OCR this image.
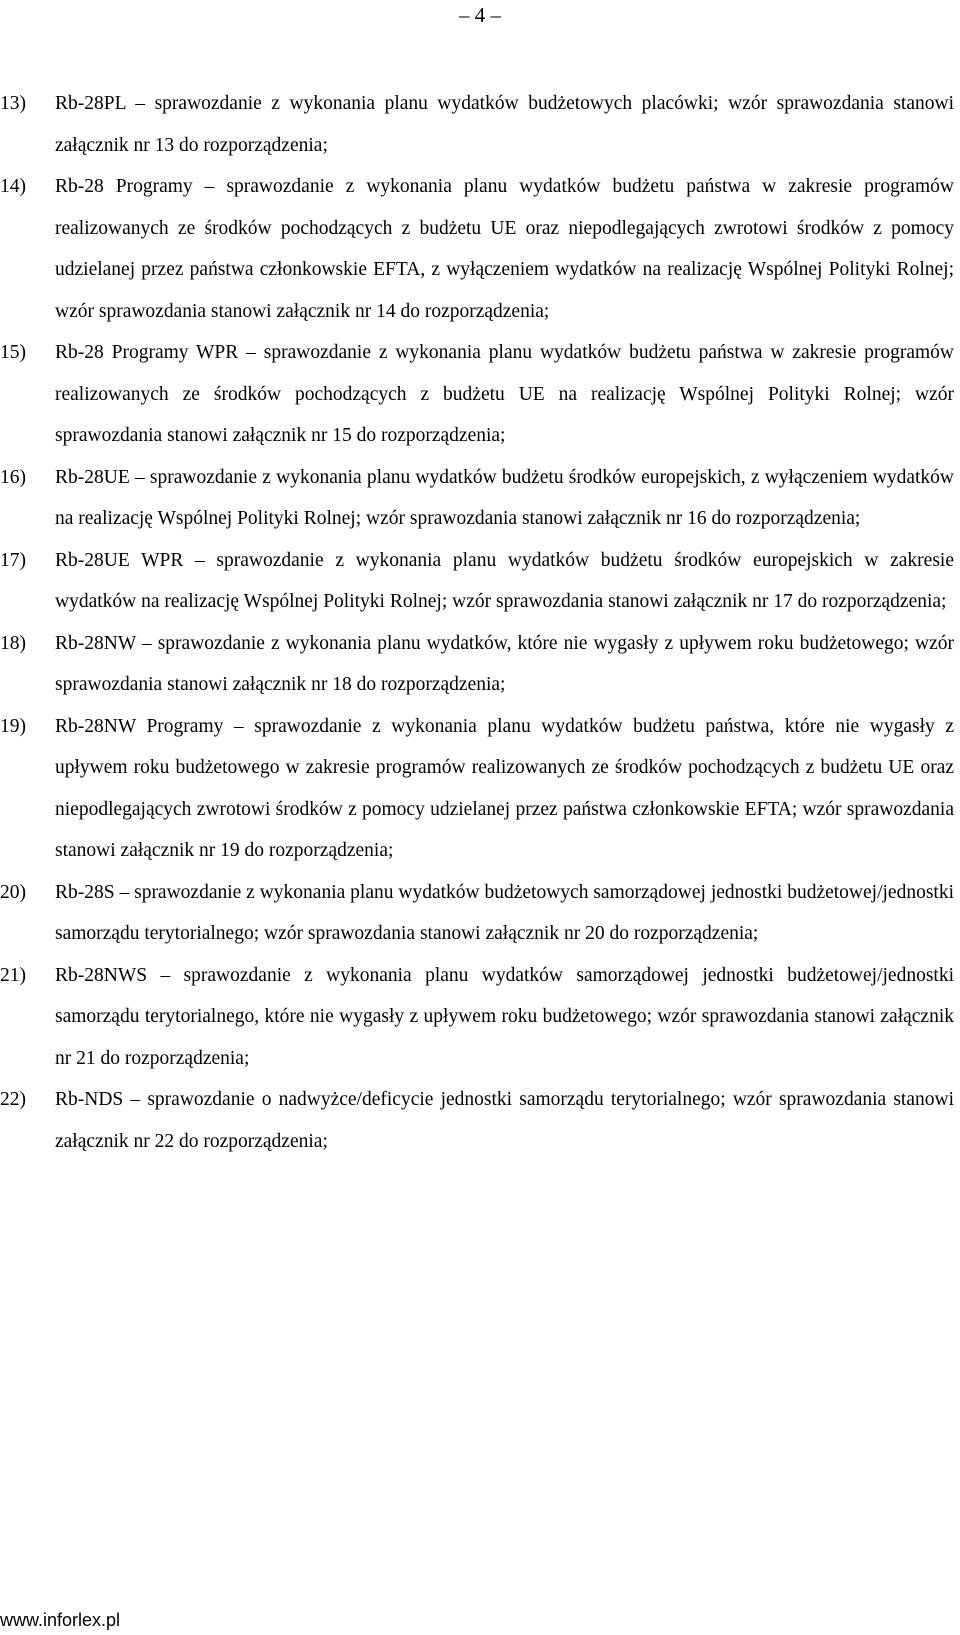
– 4 –
13) Rb-28PL – sprawozdanie z wykonania planu wydatków budżetowych placówki; wzór sprawozdania stanowi załącznik nr 13 do rozporządzenia;
14) Rb-28 Programy – sprawozdanie z wykonania planu wydatków budżetu państwa w zakresie programów realizowanych ze środków pochodzących z budżetu UE oraz niepodlegających zwrotowi środków z pomocy udzielanej przez państwa członkowskie EFTA, z wyłączeniem wydatków na realizację Wspólnej Polityki Rolnej; wzór sprawozdania stanowi załącznik nr 14 do rozporządzenia;
15) Rb-28 Programy WPR – sprawozdanie z wykonania planu wydatków budżetu państwa w zakresie programów realizowanych ze środków pochodzących z budżetu UE na realizację Wspólnej Polityki Rolnej; wzór sprawozdania stanowi załącznik nr 15 do rozporządzenia;
16) Rb-28UE – sprawozdanie z wykonania planu wydatków budżetu środków europejskich, z wyłączeniem wydatków na realizację Wspólnej Polityki Rolnej; wzór sprawozdania stanowi załącznik nr 16 do rozporządzenia;
17) Rb-28UE WPR – sprawozdanie z wykonania planu wydatków budżetu środków europejskich w zakresie wydatków na realizację Wspólnej Polityki Rolnej; wzór sprawozdania stanowi załącznik nr 17 do rozporządzenia;
18) Rb-28NW – sprawozdanie z wykonania planu wydatków, które nie wygasły z upływem roku budżetowego; wzór sprawozdania stanowi załącznik nr 18 do rozporządzenia;
19) Rb-28NW Programy – sprawozdanie z wykonania planu wydatków budżetu państwa, które nie wygasły z upływem roku budżetowego w zakresie programów realizowanych ze środków pochodzących z budżetu UE oraz niepodlegających zwrotowi środków z pomocy udzielanej przez państwa członkowskie EFTA; wzór sprawozdania stanowi załącznik nr 19 do rozporządzenia;
20) Rb-28S – sprawozdanie z wykonania planu wydatków budżetowych samorządowej jednostki budżetowej/jednostki samorządu terytorialnego; wzór sprawozdania stanowi załącznik nr 20 do rozporządzenia;
21) Rb-28NWS – sprawozdanie z wykonania planu wydatków samorządowej jednostki budżetowej/jednostki samorządu terytorialnego, które nie wygasły z upływem roku budżetowego; wzór sprawozdania stanowi załącznik nr 21 do rozporządzenia;
22) Rb-NDS – sprawozdanie o nadwyżce/deficycie jednostki samorządu terytorialnego; wzór sprawozdania stanowi załącznik nr 22 do rozporządzenia;
www.inforlex.pl
